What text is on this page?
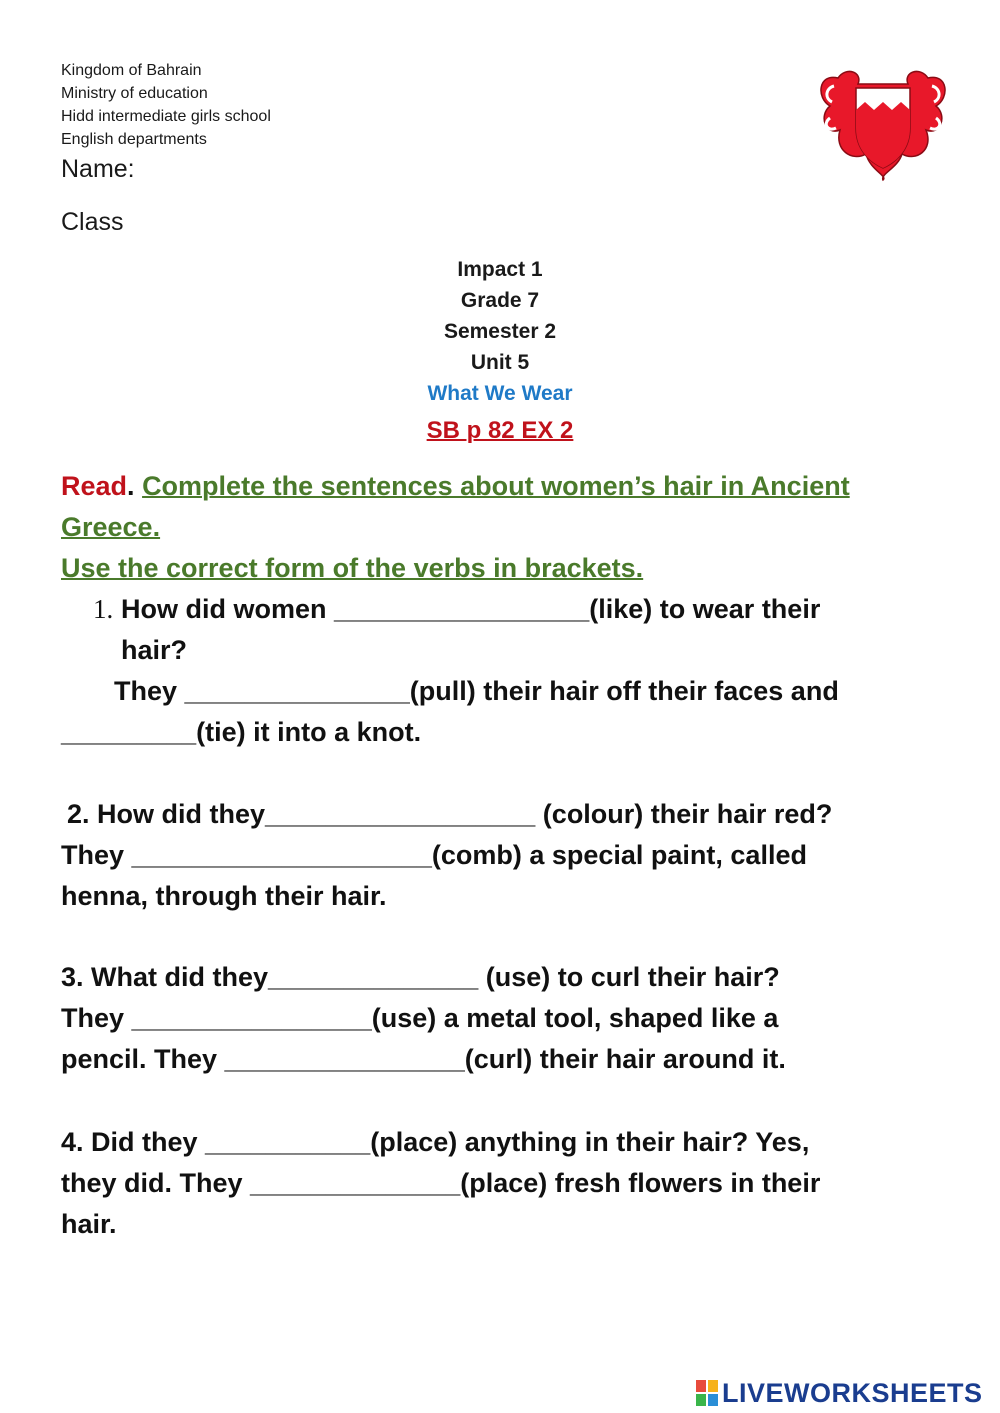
Kingdom of Bahrain
Ministry of education
Hidd intermediate girls school
English departments
Name:
Class
Impact 1
Grade 7
Semester 2
Unit 5
What We Wear
SB p 82 EX 2
Read. Complete the sentences about women’s hair in Ancient
Greece.
Use the correct form of the verbs in brackets.
1. How did women _________________(like) to wear their
hair?
They _______________(pull) their hair off their faces and
_________(tie) it into a knot.
2. How did they__________________ (colour) their hair red?
They ____________________(comb) a special paint, called
henna, through their hair.
3. What did they______________ (use) to curl their hair?
They ________________(use) a metal tool, shaped like a
pencil. They ________________(curl) their hair around it.
4. Did they ___________(place) anything in their hair? Yes,
they did. They ______________(place) fresh flowers in their
hair.
LIVEWORKSHEETS
